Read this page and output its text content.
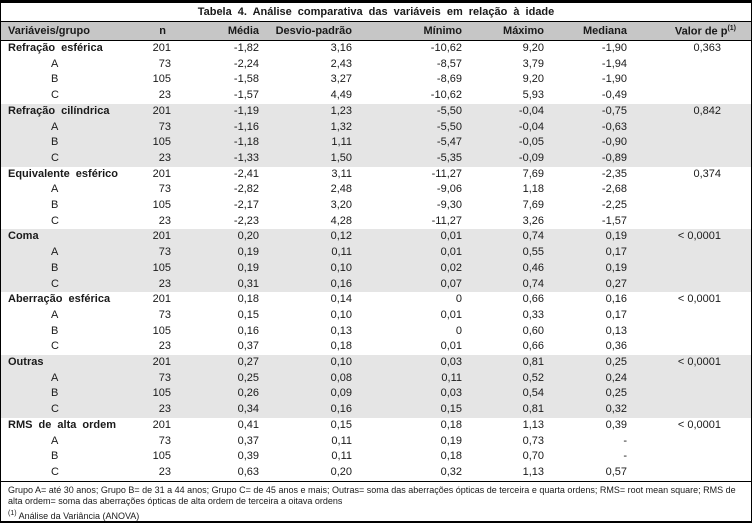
Tabela 4. Análise comparativa das variáveis em relação à idade
Variáveis/grupo	n	Média	Desvio-padrão	Mínimo	Máximo	Mediana	Valor de $p^{(1)}$
Refração esférica	201	-1,82	3,16	-10,62	9,20	-1,90	0,363
A	73	-2,24	2,43	-8,57	3,79	-1,94	
B	105	-1,58	3,27	-8,69	9,20	-1,90	
C	23	-1,57	4,49	-10,62	5,93	-0,49	
Refração cilíndrica	201	-1,19	1,23	-5,50	-0,04	-0,75	0,842
A	73	-1,16	1,32	-5,50	-0,04	-0,63	
B	105	-1,18	1,11	-5,47	-0,05	-0,90	
C	23	-1,33	1,50	-5,35	-0,09	-0,89	
Equivalente esférico	201	-2,41	3,11	-11,27	7,69	-2,35	0,374
A	73	-2,82	2,48	-9,06	1,18	-2,68	
B	105	-2,17	3,20	-9,30	7,69	-2,25	
C	23	-2,23	4,28	-11,27	3,26	-1,57	
Coma	201	0,20	0,12	0,01	0,74	0,19	< 0,0001
A	73	0,19	0,11	0,01	0,55	0,17	
B	105	0,19	0,10	0,02	0,46	0,19	
C	23	0,31	0,16	0,07	0,74	0,27	
Aberração esférica	201	0,18	0,14	0	0,66	0,16	< 0,0001
A	73	0,15	0,10	0,01	0,33	0,17	
B	105	0,16	0,13	0	0,60	0,13	
C	23	0,37	0,18	0,01	0,66	0,36	
Outras	201	0,27	0,10	0,03	0,81	0,25	< 0,0001
A	73	0,25	0,08	0,11	0,52	0,24	
B	105	0,26	0,09	0,03	0,54	0,25	
C	23	0,34	0,16	0,15	0,81	0,32	
RMS de alta ordem	201	0,41	0,15	0,18	1,13	0,39	< 0,0001
A	73	0,37	0,11	0,19	0,73	-	
B	105	0,39	0,11	0,18	0,70	-	
C	23	0,63	0,20	0,32	1,13	0,57	
Grupo A= até 30 anos; Grupo B= de 31 a 44 anos; Grupo C= de 45 anos e mais; Outras= soma das aberrações ópticas de terceira e quarta ordens; RMS= root mean square; RMS de alta ordem= soma das aberrações ópticas de alta ordem de terceira a oitava ordens
$^{(1)}$ Análise da Variância (ANOVA)
